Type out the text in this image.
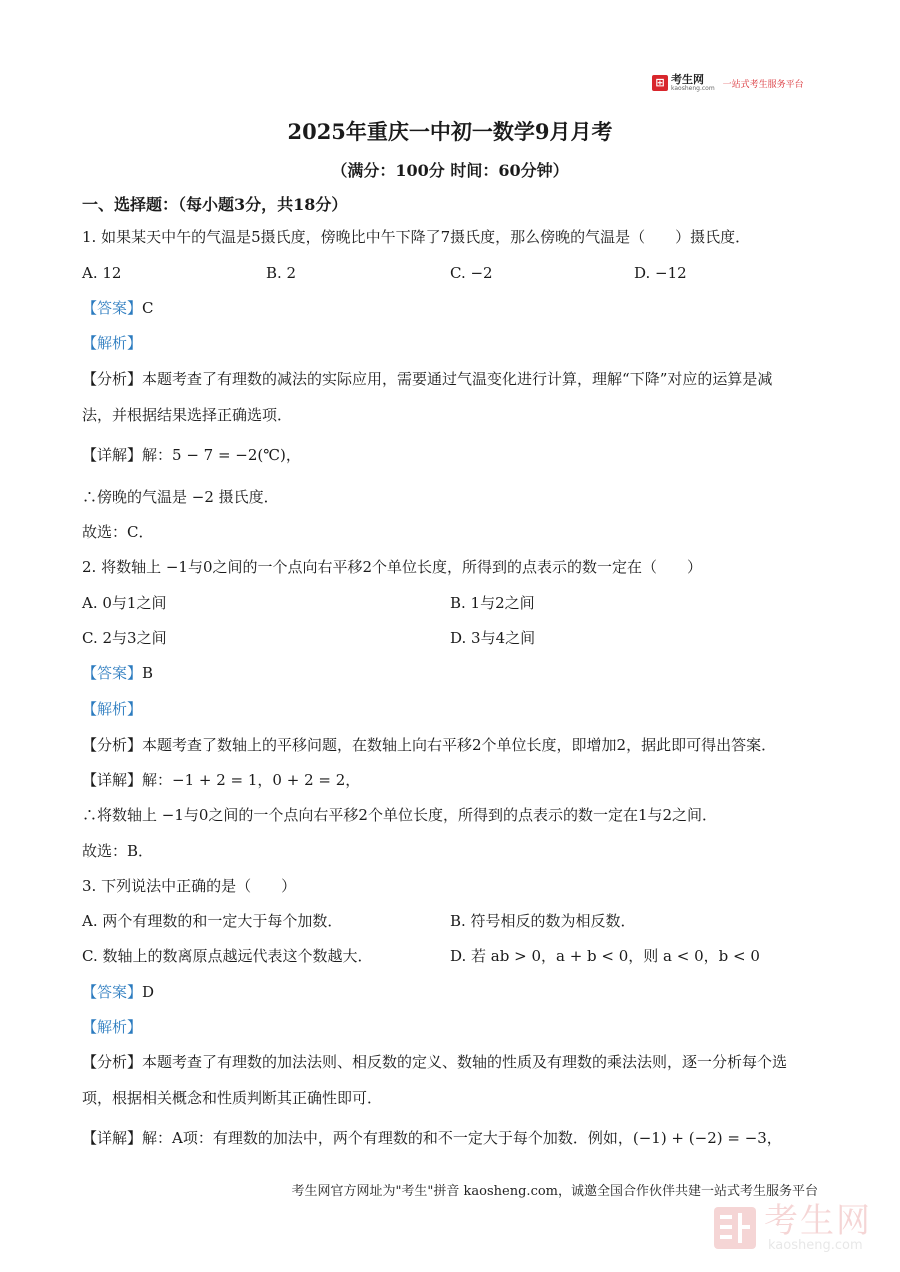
⊞ 考生网
kaosheng.com 一站式考生服务平台
2025年重庆一中初一数学9月月考
（满分：100分 时间：60分钟）
一、选择题：（每小题3分，共18分）
1. 如果某天中午的气温是5摄氏度，傍晚比中午下降了7摄氏度，那么傍晚的气温是（　　）摄氏度．
A. 12	B. 2	C. −2	D. −12
【答案】C
【解析】
【分析】本题考查了有理数的减法的实际应用，需要通过气温变化进行计算，理解“下降”对应的运算是减
法，并根据结果选择正确选项．
【详解】解：5 − 7 = −2(℃)，
∴傍晚的气温是 −2 摄氏度．
故选：C．
2. 将数轴上 −1与0之间的一个点向右平移2个单位长度，所得到的点表示的数一定在（　　）
A. 0与1之间	B. 1与2之间
C. 2与3之间	D. 3与4之间
【答案】B
【解析】
【分析】本题考查了数轴上的平移问题，在数轴上向右平移2个单位长度，即增加2，据此即可得出答案．
【详解】解：−1 + 2 = 1，0 + 2 = 2，
∴将数轴上 −1与0之间的一个点向右平移2个单位长度，所得到的点表示的数一定在1与2之间．
故选：B．
3. 下列说法中正确的是（　　）
A. 两个有理数的和一定大于每个加数．	B. 符号相反的数为相反数．
C. 数轴上的数离原点越远代表这个数越大．	D. 若 ab > 0，a + b < 0，则 a < 0，b < 0
【答案】D
【解析】
【分析】本题考查了有理数的加法法则、相反数的定义、数轴的性质及有理数的乘法法则，逐一分析每个选
项，根据相关概念和性质判断其正确性即可．
【详解】解：A项：有理数的加法中，两个有理数的和不一定大于每个加数．例如，(−1) + (−2) = −3，
考生网官方网址为"考生"拼音 kaosheng.com，诚邀全国合作伙伴共建一站式考生服务平台
考生网
kaosheng.com
